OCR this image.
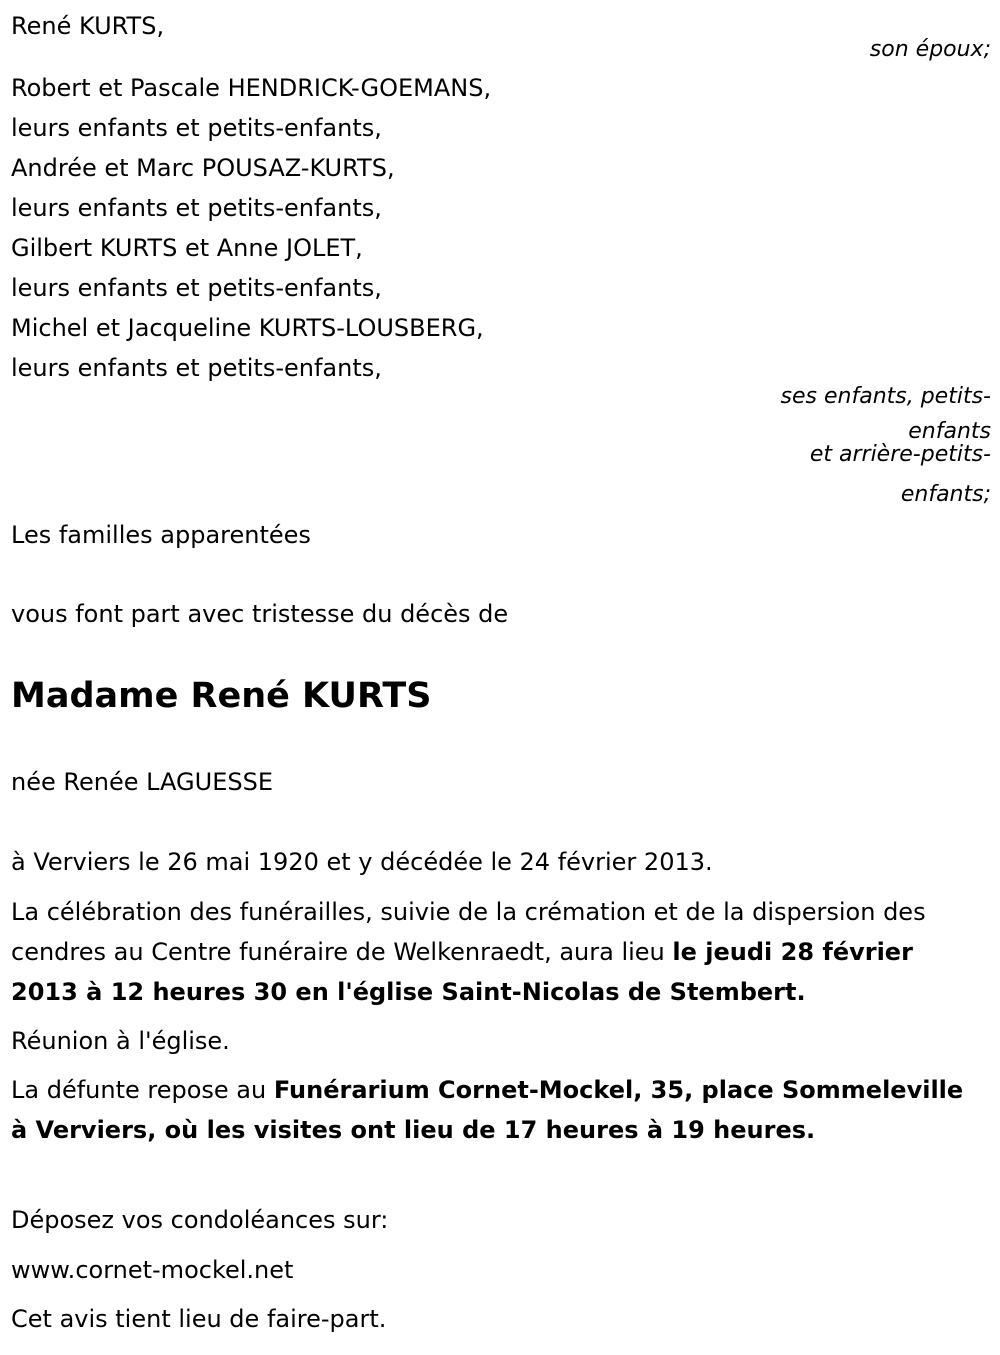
René KURTS,
son époux;
Robert et Pascale HENDRICK-GOEMANS,
leurs enfants et petits-enfants,
Andrée et Marc POUSAZ-KURTS,
leurs enfants et petits-enfants,
Gilbert KURTS et Anne JOLET,
leurs enfants et petits-enfants,
Michel et Jacqueline KURTS-LOUSBERG,
leurs enfants et petits-enfants,
ses enfants, petits-
enfants
et arrière-petits-
enfants;
Les familles apparentées
vous font part avec tristesse du décès de
Madame René KURTS
née Renée LAGUESSE
à Verviers le 26 mai 1920 et y décédée le 24 février 2013.
La célébration des funérailles, suivie de la crémation et de la dispersion des cendres au Centre funéraire de Welkenraedt, aura lieu le jeudi 28 février 2013 à 12 heures 30 en l'église Saint-Nicolas de Stembert.
Réunion à l'église.
La défunte repose au Funérarium Cornet-Mockel, 35, place Sommeleville à Verviers, où les visites ont lieu de 17 heures à 19 heures.
Déposez vos condoléances sur:
www.cornet-mockel.net
Cet avis tient lieu de faire-part.
